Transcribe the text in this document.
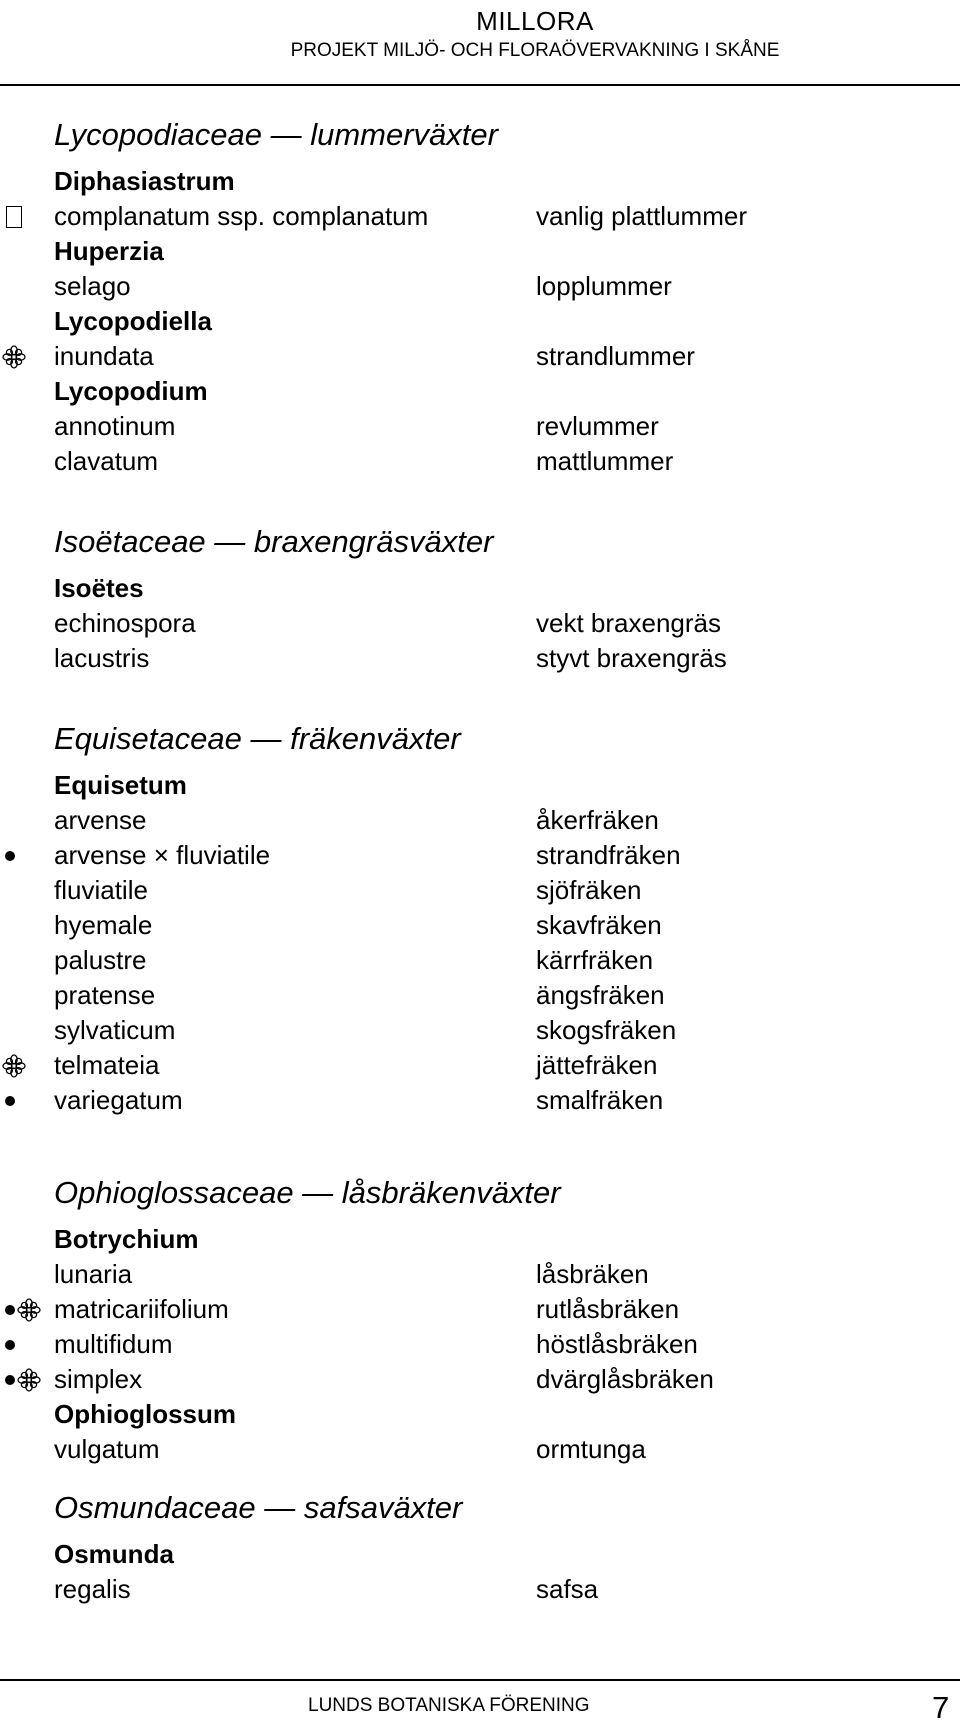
MILLORA
PROJEKT MILJÖ- OCH FLORAÖVERVAKNING I SKÅNE
Lycopodiaceae — lummerväxter
Diphasiastrum
complanatum ssp. complanatum	vanlig plattlummer
Huperzia
selago	lopplummer
Lycopodiella
inundata	strandlummer
Lycopodium
annotinum	revlummer
clavatum	mattlummer
Isoëtaceae — braxengräsväxter
Isoëtes
echinospora	vekt braxengräs
lacustris	styvt braxengräs
Equisetaceae — fräkenväxter
Equisetum
arvense	åkerfräken
arvense × fluviatile	strandfräken
fluviatile	sjöfräken
hyemale	skavfräken
palustre	kärrfräken
pratense	ängsfräken
sylvaticum	skogsfräken
telmateia	jättefräken
variegatum	smalfräken
Ophioglossaceae — låsbräkenväxter
Botrychium
lunaria	låsbräken
matricariifolium	rutlåsbräken
multifidum	höstlåsbräken
simplex	dvärglåsbräken
Ophioglossum
vulgatum	ormtunga
Osmundaceae — safsaväxter
Osmunda
regalis	safsa
LUNDS BOTANISKA FÖRENING	7
